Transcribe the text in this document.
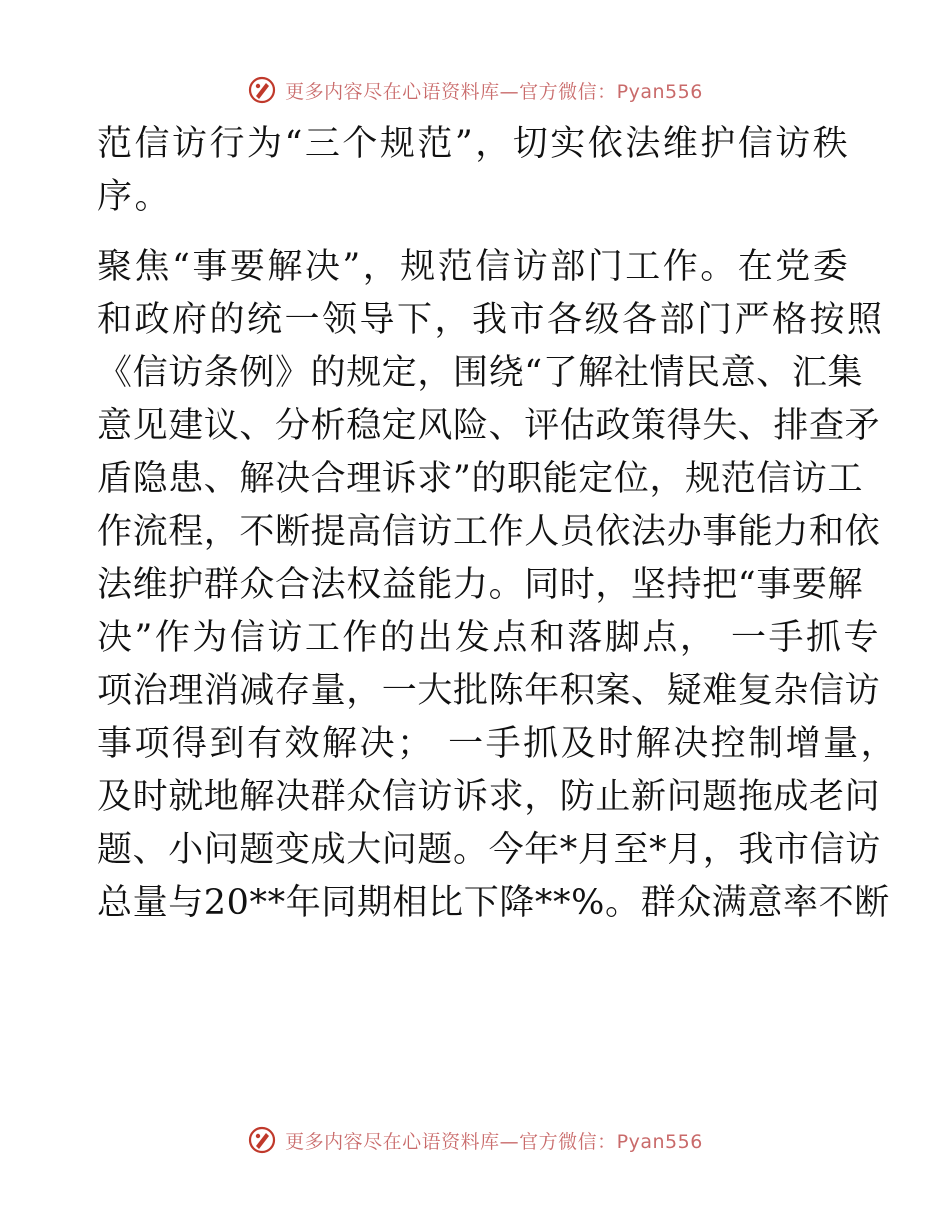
更多内容尽在心语资料库—官方微信：Pyan556
范信访行为“三个规范”，切实依法维护信访秩
序。
聚焦“事要解决”，规范信访部门工作。在党委
和政府的统一领导下，我市各级各部门严格按照
《信访条例》的规定，围绕“了解社情民意、汇集
意见建议、分析稳定风险、评估政策得失、排查矛
盾隐患、解决合理诉求”的职能定位，规范信访工
作流程，不断提高信访工作人员依法办事能力和依
法维护群众合法权益能力。同时，坚持把“事要解
决”作为信访工作的出发点和落脚点， 一手抓专
项治理消减存量，一大批陈年积案、疑难复杂信访
事项得到有效解决； 一手抓及时解决控制增量，
及时就地解决群众信访诉求，防止新问题拖成老问
题、小问题变成大问题。今年*月至*月，我市信访
总量与20**年同期相比下降**%。群众满意率不断
更多内容尽在心语资料库—官方微信：Pyan556
